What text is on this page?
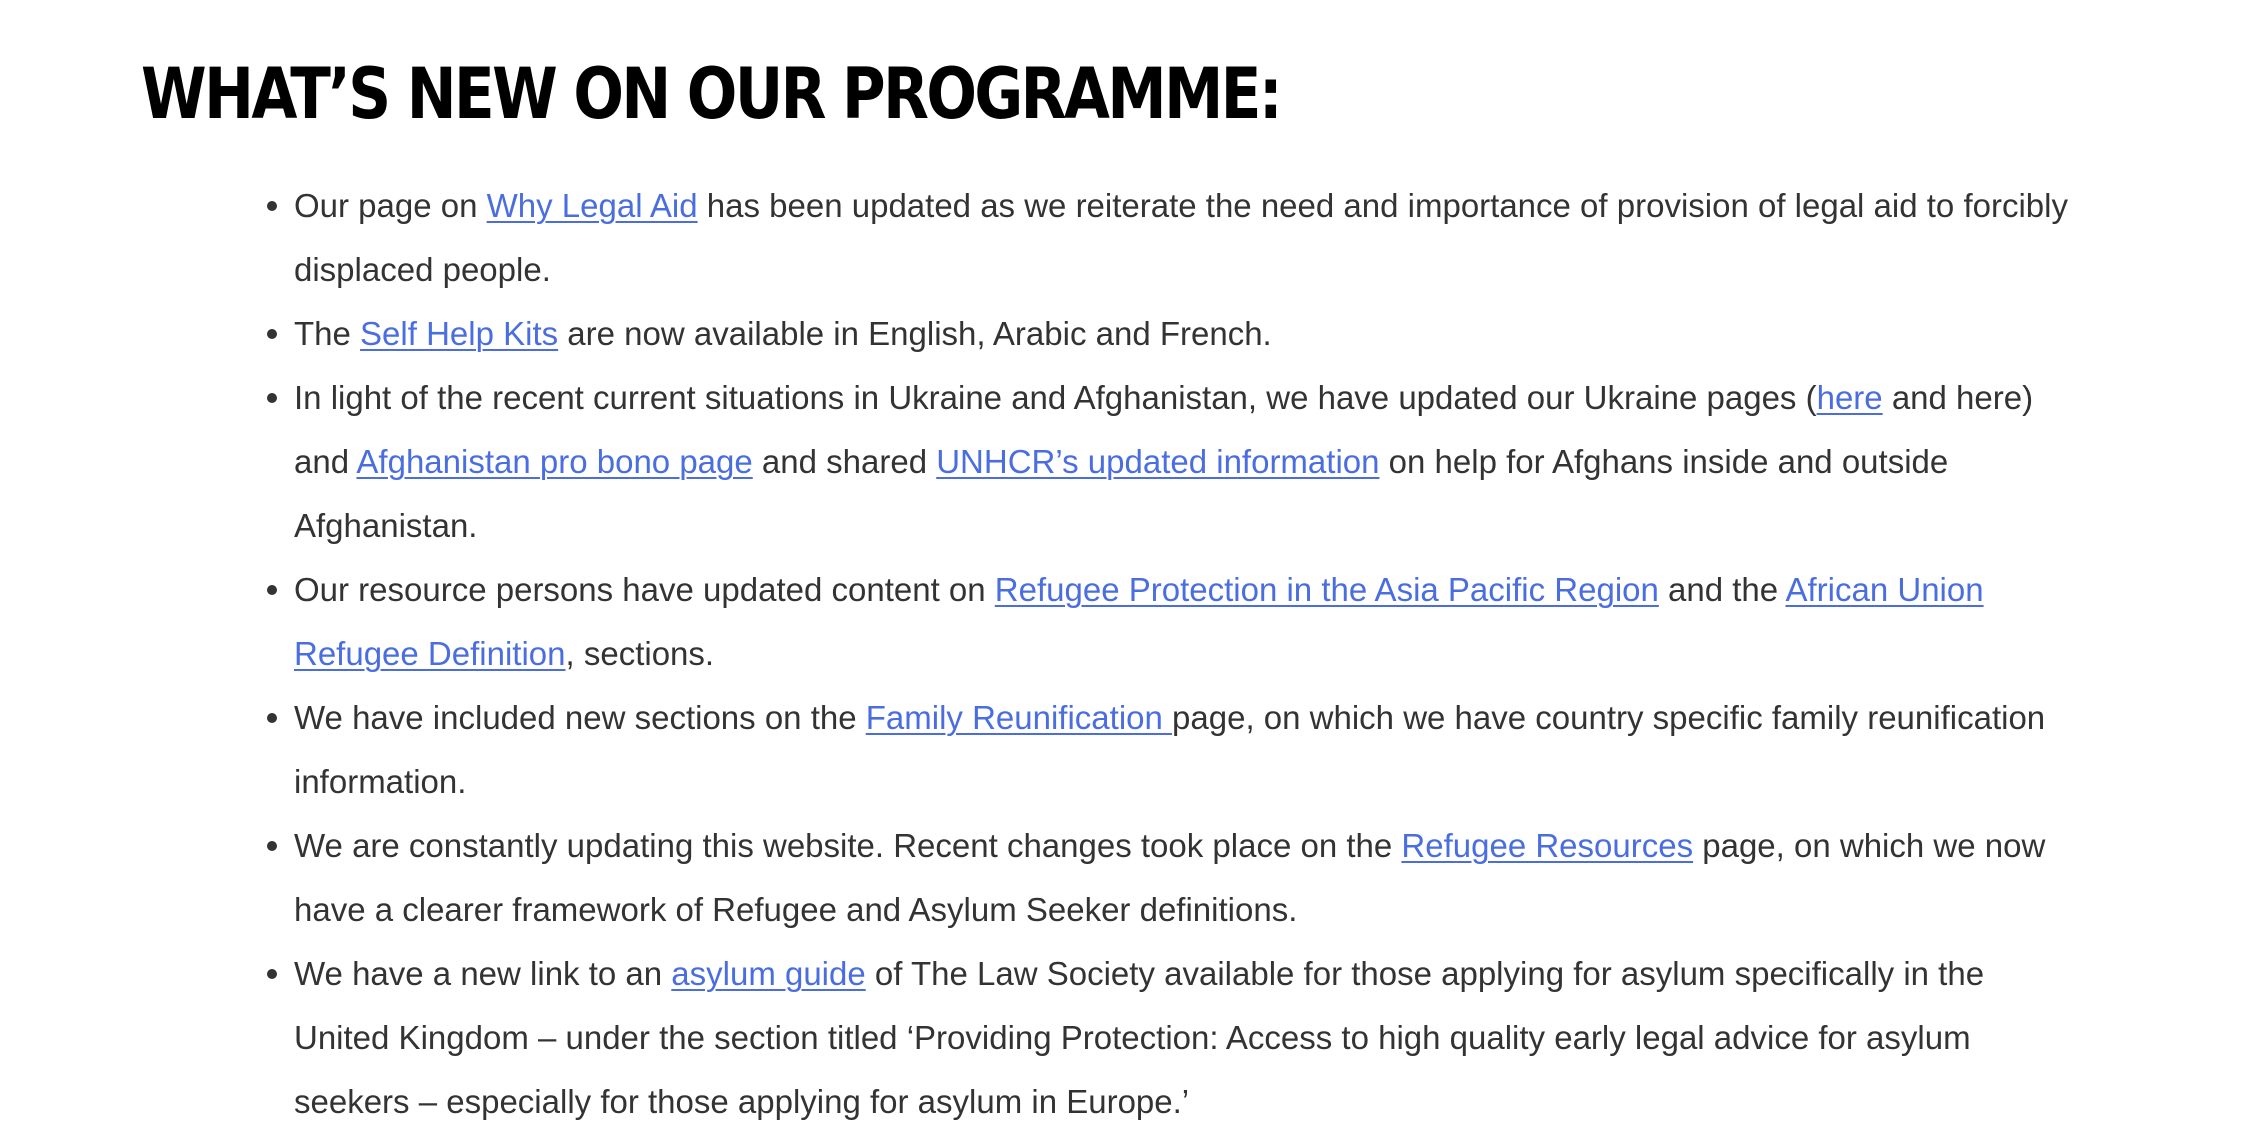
WHAT’S NEW ON OUR PROGRAMME:
Our page on Why Legal Aid has been updated as we reiterate the need and importance of provision of legal aid to forcibly displaced people.
The Self Help Kits are now available in English, Arabic and French.
In light of the recent current situations in Ukraine and Afghanistan, we have updated our Ukraine pages (here and here) and Afghanistan pro bono page and shared UNHCR’s updated information on help for Afghans inside and outside Afghanistan.
Our resource persons have updated content on Refugee Protection in the Asia Pacific Region and the African Union Refugee Definition, sections.
We have included new sections on the Family Reunification page, on which we have country specific family reunification information.
We are constantly updating this website. Recent changes took place on the Refugee Resources page, on which we now have a clearer framework of Refugee and Asylum Seeker definitions.
We have a new link to an asylum guide of The Law Society available for those applying for asylum specifically in the United Kingdom – under the section titled ‘Providing Protection: Access to high quality early legal advice for asylum seekers – especially for those applying for asylum in Europe.’
